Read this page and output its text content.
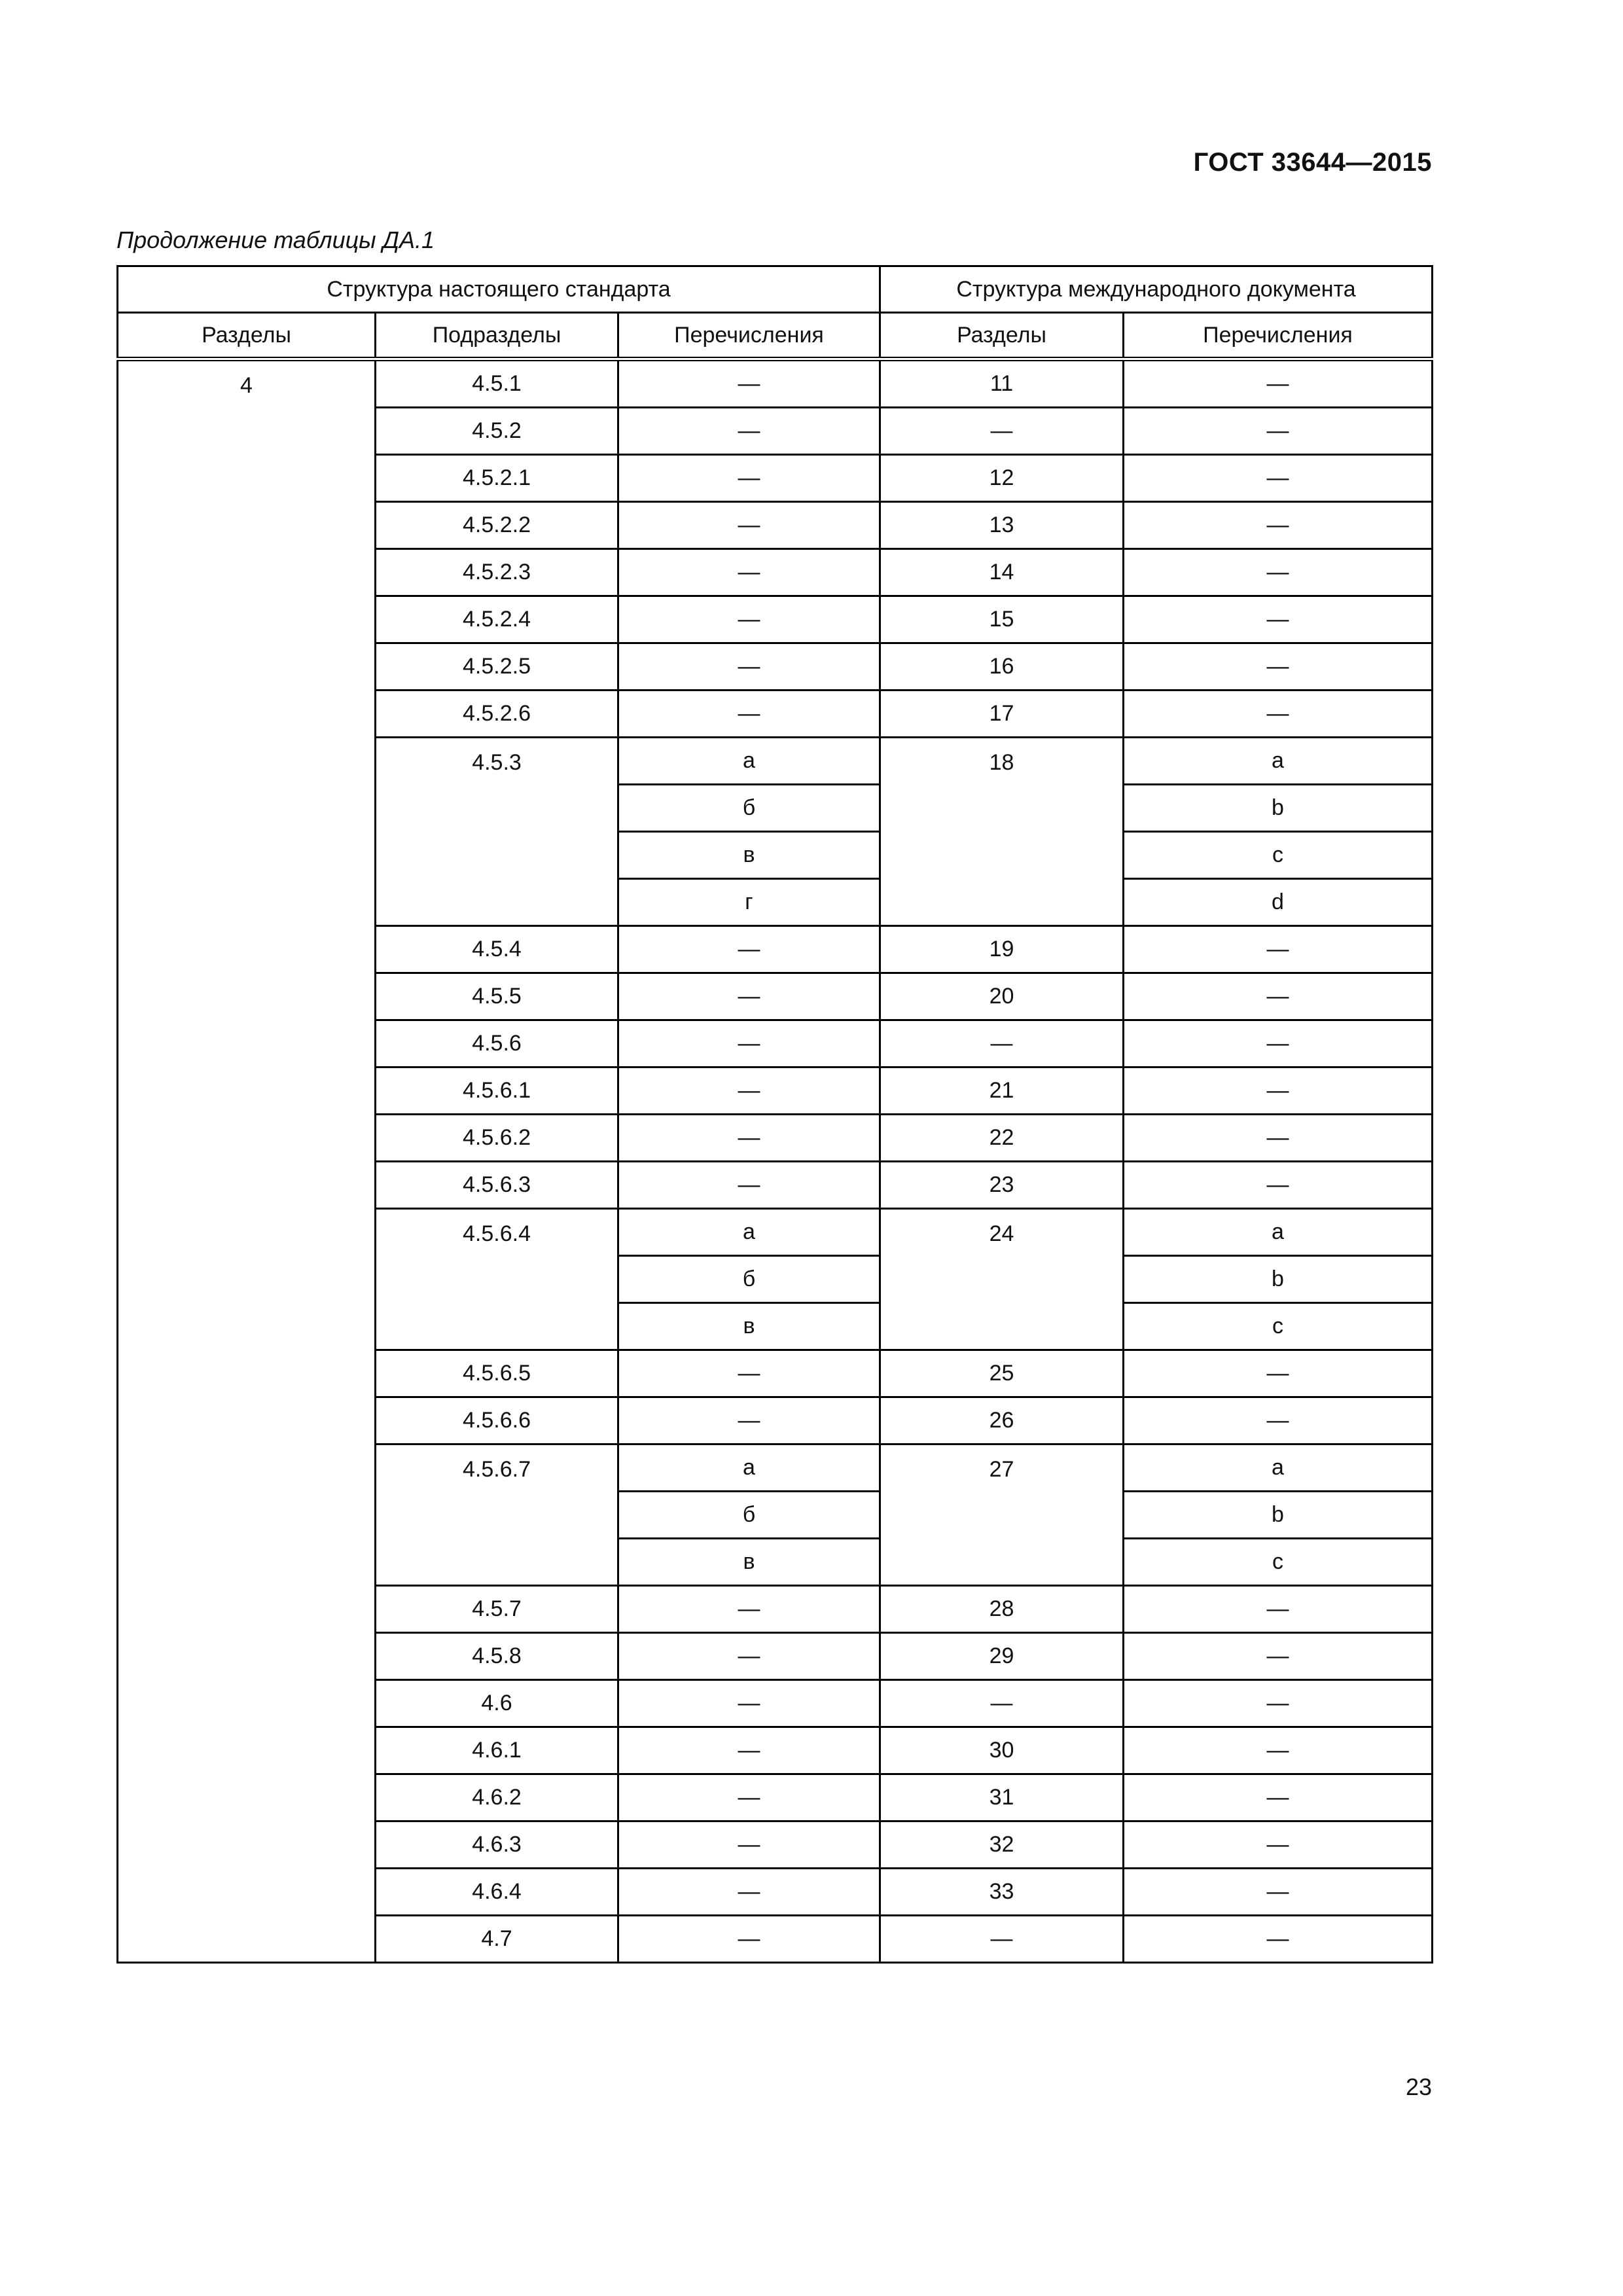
ГОСТ 33644—2015
Продолжение таблицы ДА.1
Структура настоящего стандарта			Структура международного документа	
Разделы	Подразделы	Перечисления	Разделы	Перечисления
4	4.5.1	—	11	—
	4.5.2	—	—	—
	4.5.2.1	—	12	—
	4.5.2.2	—	13	—
	4.5.2.3	—	14	—
	4.5.2.4	—	15	—
	4.5.2.5	—	16	—
	4.5.2.6	—	17	—
	4.5.3	а	18	a
		б		b
		в		c
		г		d
	4.5.4	—	19	—
	4.5.5	—	20	—
	4.5.6	—	—	—
	4.5.6.1	—	21	—
	4.5.6.2	—	22	—
	4.5.6.3	—	23	—
	4.5.6.4	а	24	a
		б		b
		в		c
	4.5.6.5	—	25	—
	4.5.6.6	—	26	—
	4.5.6.7	а	27	a
		б		b
		в		c
	4.5.7	—	28	—
	4.5.8	—	29	—
	4.6	—	—	—
	4.6.1	—	30	—
	4.6.2	—	31	—
	4.6.3	—	32	—
	4.6.4	—	33	—
	4.7	—	—	—
23
